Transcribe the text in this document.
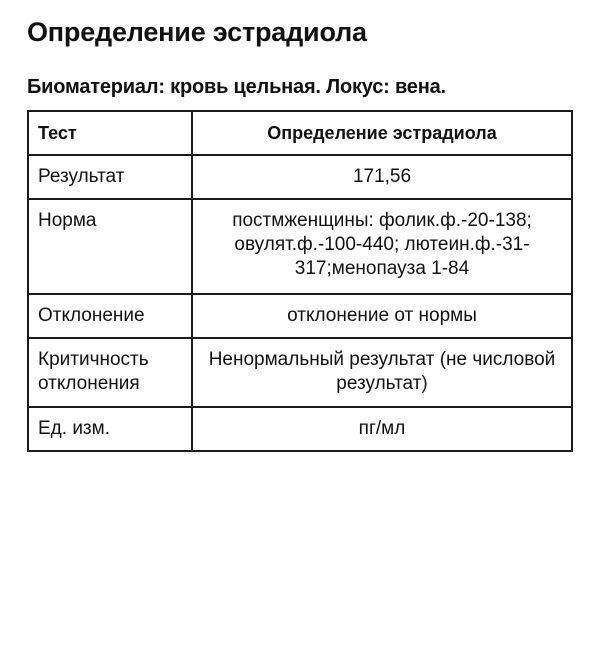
Определение эстрадиола
Биоматериал: кровь цельная. Локус: вена.
Тест	Определение эстрадиола
Результат	171,56
Норма	постмженщины: фолик.ф.-20-138; овулят.ф.-100-440; лютеин.ф.-31-317;менопауза 1-84
Отклонение	отклонение от нормы
Критичность отклонения	Ненормальный результат (не числовой результат)
Ед. изм.	пг/мл
